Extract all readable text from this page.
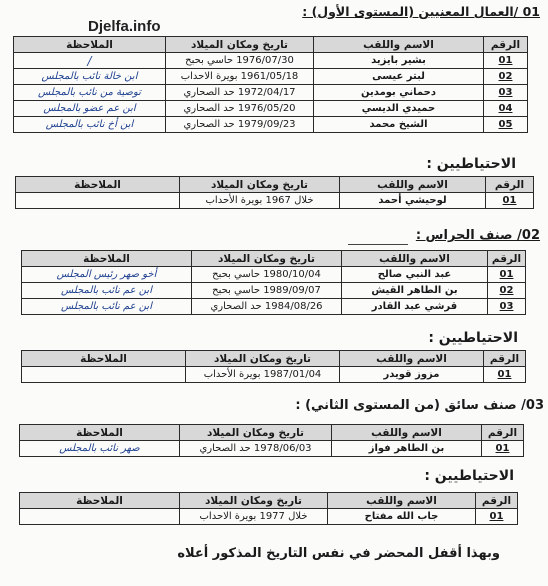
Djelfa.info
01 /العمال المعنيين (المستوى الأول) :
الرقم	الاسم واللقب	تاريخ ومكان الميلاد	الملاحظة
01	بشير بايزيد	1976/07/30 حاسي بحبح	/
02	لبتر عيسى	1961/05/18 بويرة الاحداب	ابن خالة نائب بالمجلس
03	دحماني بومدين	1972/04/17 حد الصحاري	توصية من نائب بالمجلس
04	حميدي الديسي	1976/05/20 حد الصحاري	ابن عم عضو بالمجلس
05	الشيخ محمد	1979/09/23 حد الصحاري	ابن أخ نائب بالمجلس
الاحتياطيين :
الرقم	الاسم واللقب	تاريخ ومكان الميلاد	الملاحظة
01	لوحيشي أحمد	خلال 1967 بويرة الأحداب	
02/ صنف الحراس :
الرقم	الاسم واللقب	تاريخ ومكان الميلاد	الملاحظة
01	عبد النبي صالح	1980/10/04 حاسي بحبح	أخو صهر رئيس المجلس
02	بن الطاهر القيش	1989/09/07 حاسي بحبح	ابن عم نائب بالمجلس
03	قرشي عبد القادر	1984/08/26 حد الصحاري	ابن عم نائب بالمجلس
الاحتياطيين :
الرقم	الاسم واللقب	تاريخ ومكان الميلاد	الملاحظة
01	مزوز قويدر	1987/01/04 بويرة الأحداب	
03/ صنف سائق (من المستوى الثاني) :
الرقم	الاسم واللقب	تاريخ ومكان الميلاد	الملاحظة
01	بن الطاهر فواز	1978/06/03 حد الصحاري	صهر نائب بالمجلس
الاحتياطيين :
الرقم	الاسم واللقب	تاريخ ومكان الميلاد	الملاحظة
01	جاب الله مفتاح	خلال 1977 بويرة الاحداب	
وبهذا أقفل المحضر في نفس التاريخ المذكور أعلاه
